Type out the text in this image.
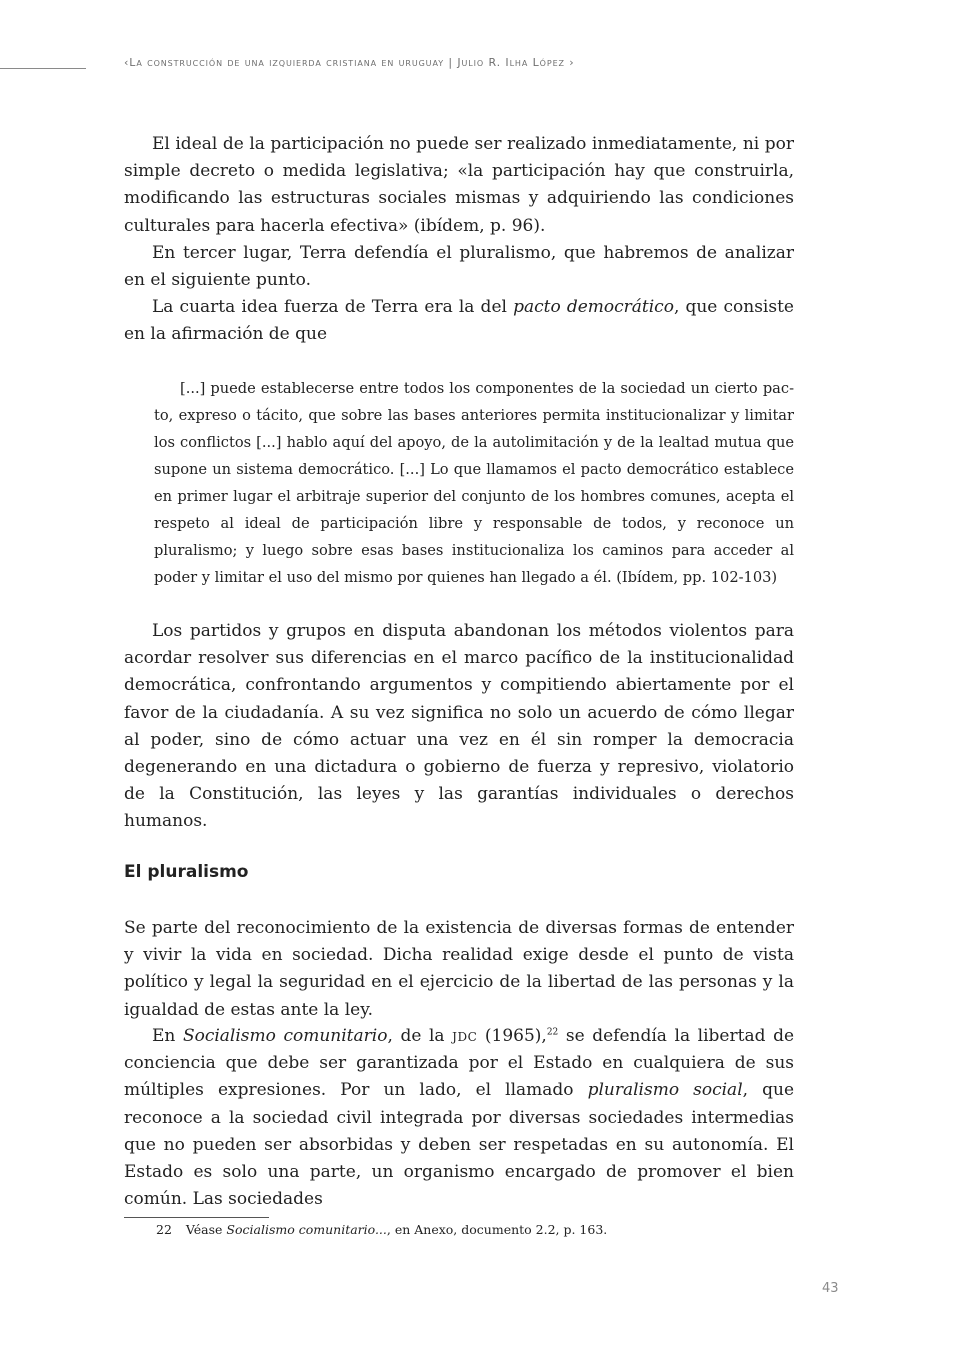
‹La construcción de una izquierda cristiana en uruguay | Julio R. Ilha López ›

El ideal de la participación no puede ser realizado inmediatamente, ni por simple decreto o medida legislativa; «la participación hay que construirla, modificando las estructuras sociales mismas y adquiriendo las condiciones culturales para hacerla efectiva» (ibídem, p. 96).

En tercer lugar, Terra defendía el pluralismo, que habremos de analizar en el siguiente punto.

La cuarta idea fuerza de Terra era la del pacto democrático, que consiste en la afirmación de que

[...] puede establecerse entre todos los componentes de la sociedad un cierto pacto, expreso o tácito, que sobre las bases anteriores permita institucionalizar y limitar los conflictos [...] hablo aquí del apoyo, de la autolimitación y de la lealtad mutua que supone un sistema democrático. [...] Lo que llamamos el pacto democrático establece en primer lugar el arbitraje superior del conjunto de los hombres comunes, acepta el respeto al ideal de participación libre y responsable de todos, y reconoce un pluralismo; y luego sobre esas bases institucionaliza los caminos para acceder al poder y limitar el uso del mismo por quienes han llegado a él. (Ibídem, pp. 102-103)

Los partidos y grupos en disputa abandonan los métodos violentos para acordar resolver sus diferencias en el marco pacífico de la institucionalidad democrática, confrontando argumentos y compitiendo abiertamente por el favor de la ciudadanía. A su vez significa no solo un acuerdo de cómo llegar al poder, sino de cómo actuar una vez en él sin romper la democracia degenerando en una dictadura o gobierno de fuerza y represivo, violatorio de la Constitución, las leyes y las garantías individuales o derechos humanos.

El pluralismo

Se parte del reconocimiento de la existencia de diversas formas de entender y vivir la vida en sociedad. Dicha realidad exige desde el punto de vista político y legal la seguridad en el ejercicio de la libertad de las personas y la igualdad de estas ante la ley.

En Socialismo comunitario, de la jdc (1965),$^{22}$ se defendía la libertad de conciencia que debe ser garantizada por el Estado en cualquiera de sus múltiples expresiones. Por un lado, el llamado pluralismo social, que reconoce a la sociedad civil integrada por diversas sociedades intermedias que no pueden ser absorbidas y deben ser respetadas en su autonomía. El Estado es solo una parte, un organismo encargado de promover el bien común. Las sociedades

22 Véase Socialismo comunitario..., en Anexo, documento 2.2, p. 163.
43
